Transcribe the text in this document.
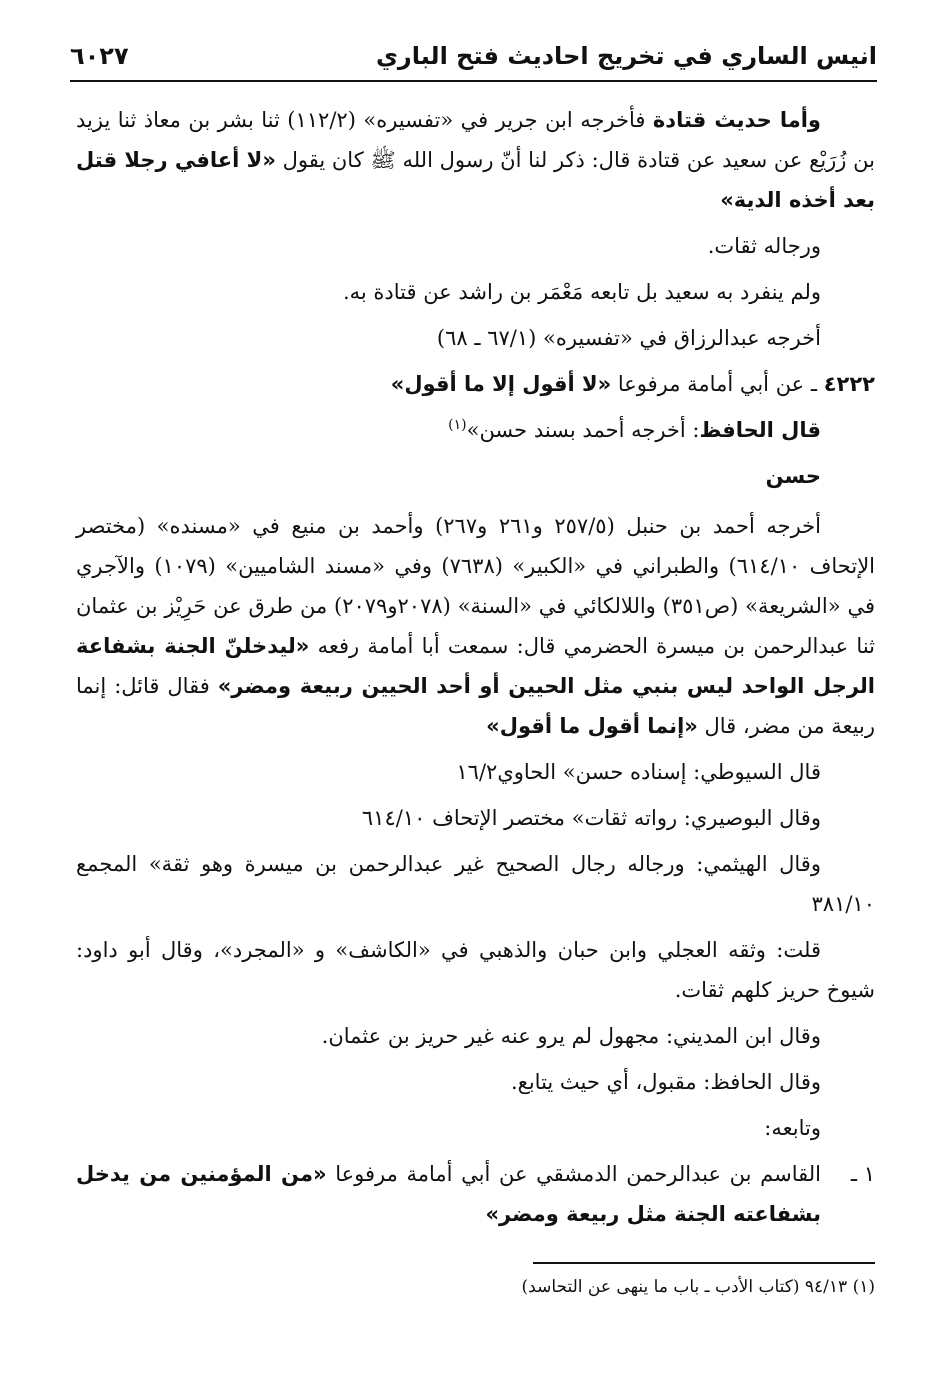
انيس الساري في تخريج احاديث فتح الباري
٦٠٢٧

وأما حديث قتادة فأخرجه ابن جرير في «تفسيره» (١١٢/٢) ثنا بشر بن معاذ ثنا يزيد بن زُرَيْع عن سعيد عن قتادة قال: ذكر لنا أنّ رسول الله ﷺ كان يقول «لا أعافي رجلا قتل بعد أخذه الدية»

ورجاله ثقات.

ولم ينفرد به سعيد بل تابعه مَعْمَر بن راشد عن قتادة به.

أخرجه عبدالرزاق في «تفسيره» (٦٧/١ ـ ٦٨)

٤٢٢٢ ـ عن أبي أمامة مرفوعا «لا أقول إلا ما أقول»

قال الحافظ: أخرجه أحمد بسند حسن»$^{(١)}$

حسن

أخرجه أحمد بن حنبل (٢٥٧/٥ و٢٦١ و٢٦٧) وأحمد بن منيع في «مسنده» (مختصر الإتحاف ٦١٤/١٠) والطبراني في «الكبير» (٧٦٣٨) وفي «مسند الشاميين» (١٠٧٩) والآجري في «الشريعة» (ص٣٥١) واللالكائي في «السنة» (٢٠٧٨و٢٠٧٩) من طرق عن حَرِيْز بن عثمان ثنا عبدالرحمن بن ميسرة الحضرمي قال: سمعت أبا أمامة رفعه «ليدخلنّ الجنة بشفاعة الرجل الواحد ليس بنبي مثل الحيين أو أحد الحيين ربيعة ومضر» فقال قائل: إنما ربيعة من مضر، قال «إنما أقول ما أقول»

قال السيوطي: إسناده حسن» الحاوي١٦/٢

وقال البوصيري: رواته ثقات» مختصر الإتحاف ٦١٤/١٠

وقال الهيثمي: ورجاله رجال الصحيح غير عبدالرحمن بن ميسرة وهو ثقة» المجمع ٣٨١/١٠

قلت: وثقه العجلي وابن حبان والذهبي في «الكاشف» و «المجرد»، وقال أبو داود: شيوخ حريز كلهم ثقات.

وقال ابن المديني: مجهول لم يرو عنه غير حريز بن عثمان.

وقال الحافظ: مقبول، أي حيث يتابع.

وتابعه:

١ ـ
القاسم بن عبدالرحمن الدمشقي عن أبي أمامة مرفوعا «من المؤمنين من يدخل بشفاعته الجنة مثل ربيعة ومضر»

(١) ٩٤/١٣ (كتاب الأدب ـ باب ما ينهى عن التحاسد)
